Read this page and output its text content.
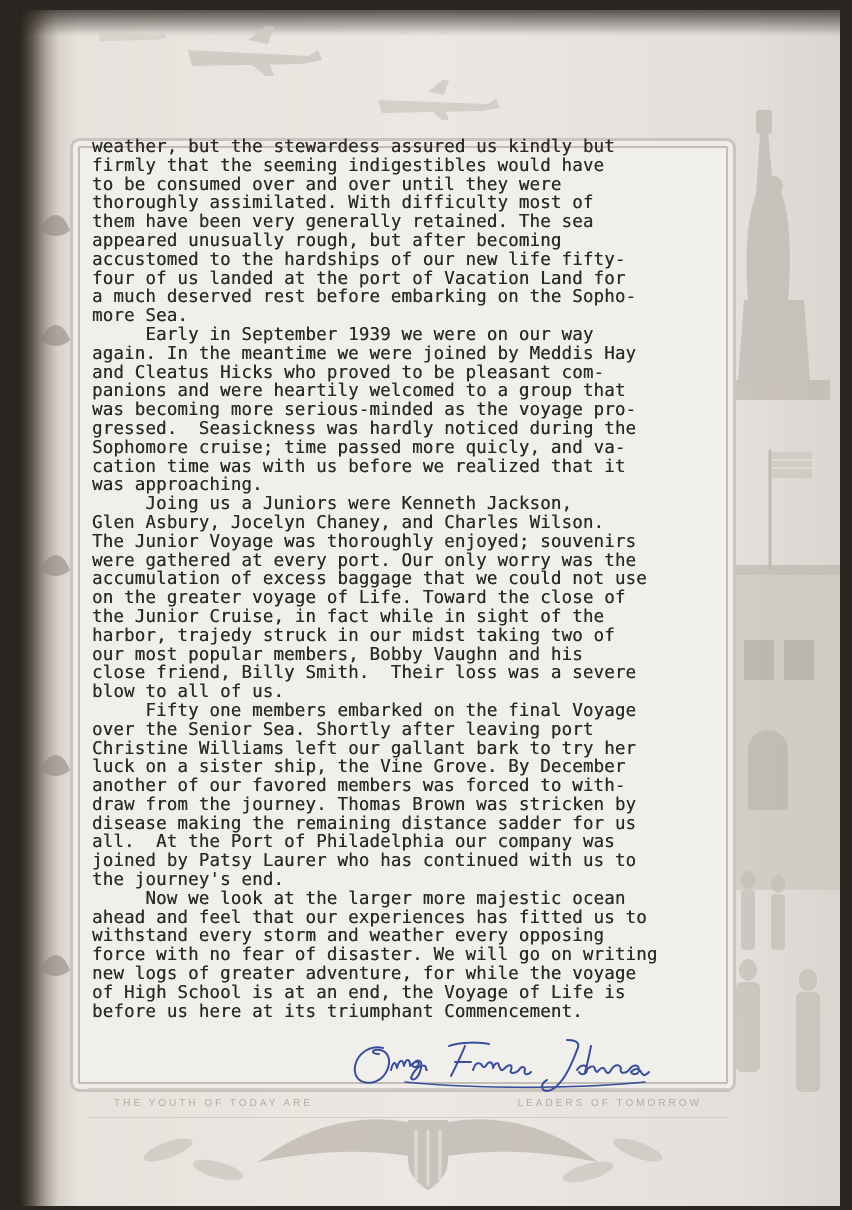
THE YOUTH OF TODAY ARE	LEADERS OF TOMORROW
weather, but the stewardess assured us kindly but
firmly that the seeming indigestibles would have
to be consumed over and over until they were
thoroughly assimilated. With difficulty most of
them have been very generally retained. The sea
appeared unusually rough, but after becoming
accustomed to the hardships of our new life fifty-
four of us landed at the port of Vacation Land for
a much deserved rest before embarking on the Sopho-
more Sea.
Early in September 1939 we were on our way
again. In the meantime we were joined by Meddis Hay
and Cleatus Hicks who proved to be pleasant com-
panions and were heartily welcomed to a group that
was becoming more serious-minded as the voyage pro-
gressed.  Seasickness was hardly noticed during the
Sophomore cruise; time passed more quicly, and va-
cation time was with us before we realized that it
was approaching.
Joing us a Juniors were Kenneth Jackson,
Glen Asbury, Jocelyn Chaney, and Charles Wilson.
The Junior Voyage was thoroughly enjoyed; souvenirs
were gathered at every port. Our only worry was the
accumulation of excess baggage that we could not use
on the greater voyage of Life. Toward the close of
the Junior Cruise, in fact while in sight of the
harbor, trajedy struck in our midst taking two of
our most popular members, Bobby Vaughn and his
close friend, Billy Smith.  Their loss was a severe
blow to all of us.
Fifty one members embarked on the final Voyage
over the Senior Sea. Shortly after leaving port
Christine Williams left our gallant bark to try her
luck on a sister ship, the Vine Grove. By December
another of our favored members was forced to with-
draw from the journey. Thomas Brown was stricken by
disease making the remaining distance sadder for us
all.  At the Port of Philadelphia our company was
joined by Patsy Laurer who has continued with us to
the journey's end.
Now we look at the larger more majestic ocean
ahead and feel that our experiences has fitted us to
withstand every storm and weather every opposing
force with no fear of disaster. We will go on writing
new logs of greater adventure, for while the voyage
of High School is at an end, the Voyage of Life is
before us here at its triumphant Commencement.
